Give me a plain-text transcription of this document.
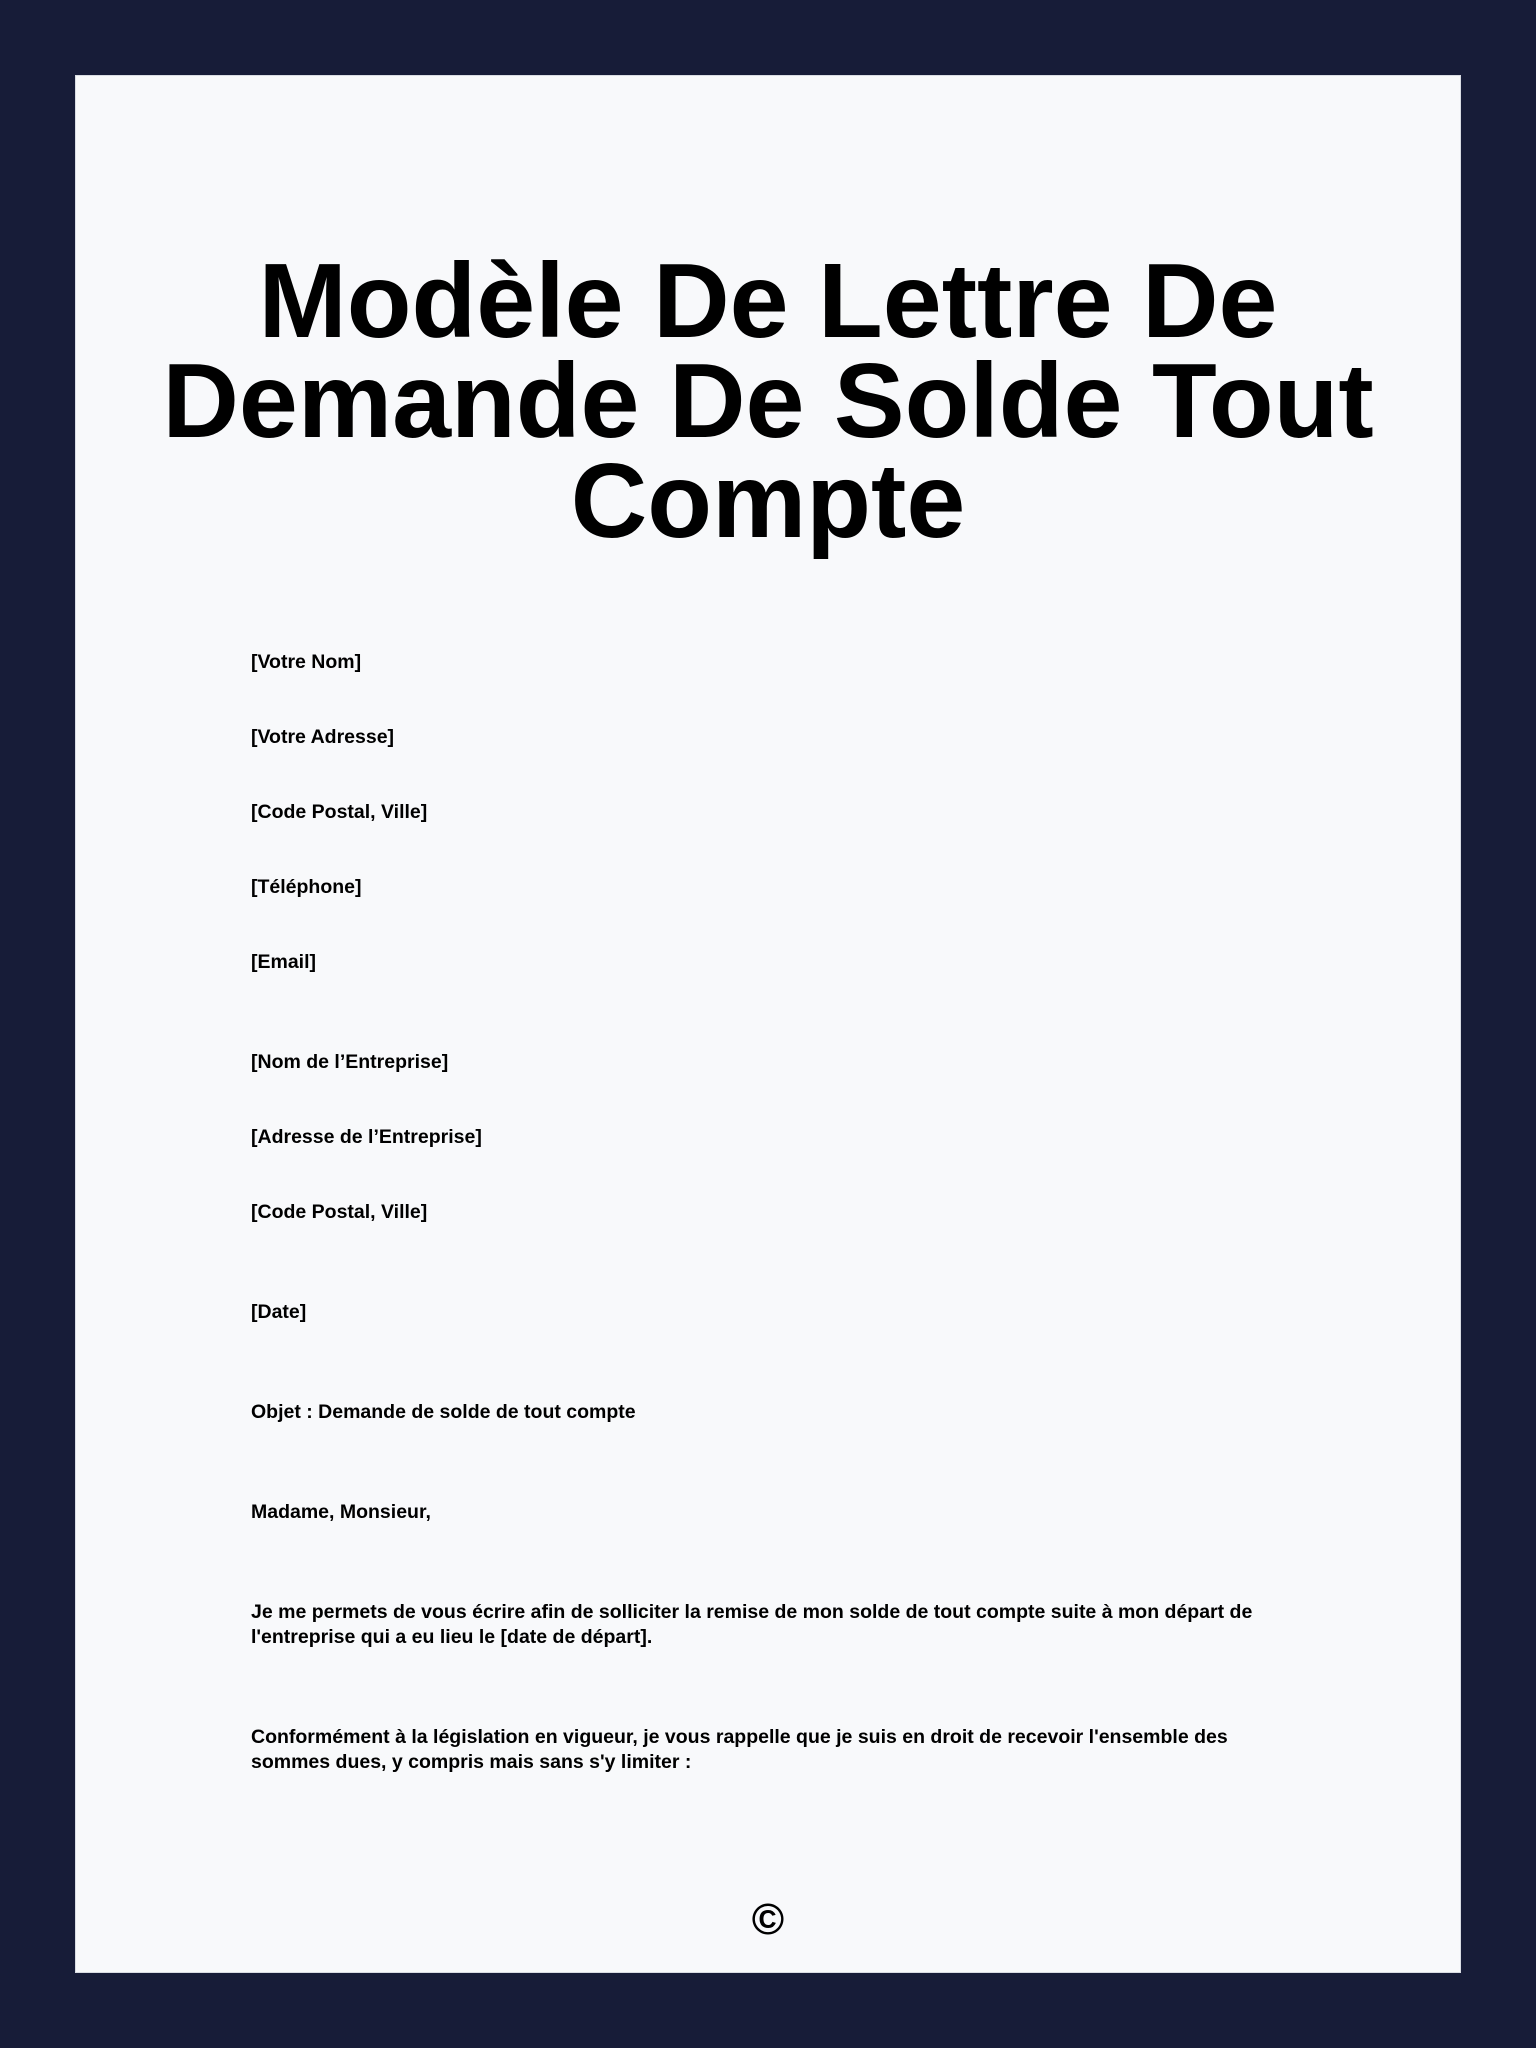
Modèle De Lettre De
Demande De Solde Tout
Compte
[Votre Nom]
[Votre Adresse]
[Code Postal, Ville]
[Téléphone]
[Email]
[Nom de l’Entreprise]
[Adresse de l’Entreprise]
[Code Postal, Ville]
[Date]
Objet : Demande de solde de tout compte
Madame, Monsieur,
Je me permets de vous écrire afin de solliciter la remise de mon solde de tout compte suite à mon départ de l'entreprise qui a eu lieu le [date de départ].
Conformément à la législation en vigueur, je vous rappelle que je suis en droit de recevoir l'ensemble des sommes dues, y compris mais sans s'y limiter :
©
